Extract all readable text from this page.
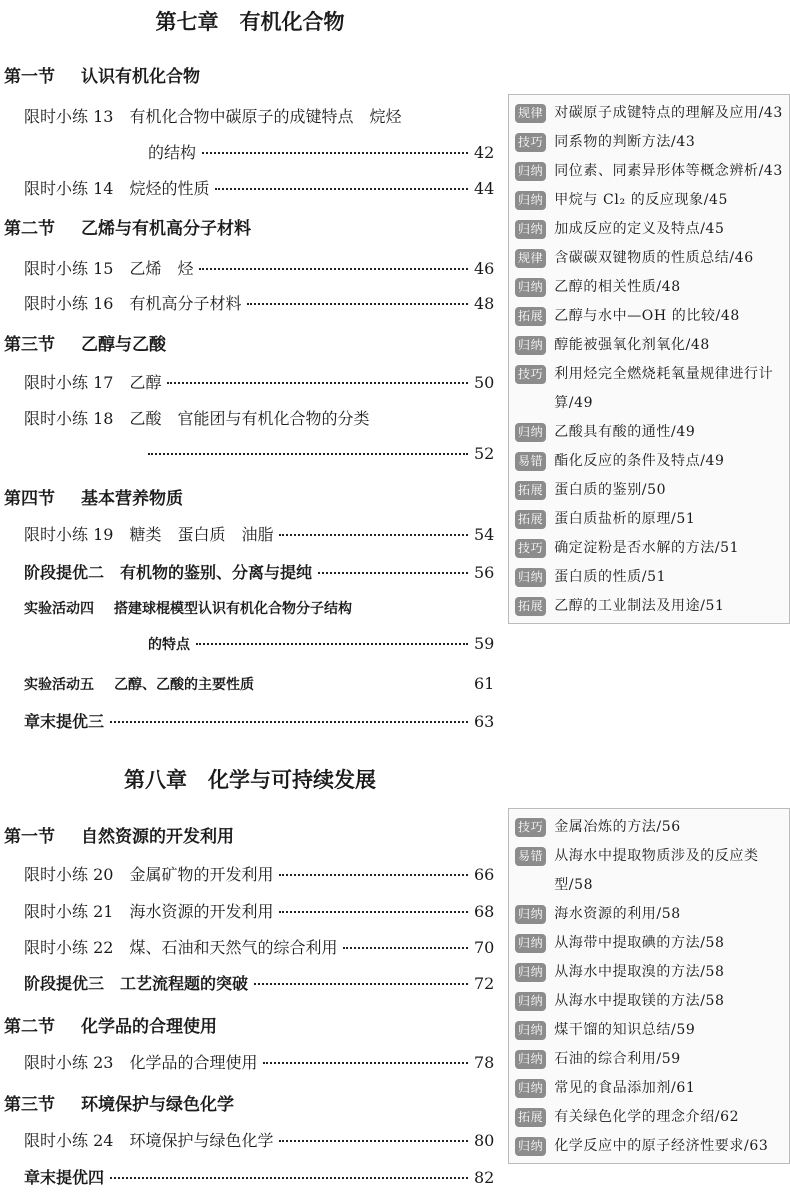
第七章　有机化合物
第一节 认识有机化合物
限时小练 13 有机化合物中碳原子的成键特点　烷烃
的结构	42
限时小练 14 烷烃的性质	44
第二节 乙烯与有机高分子材料
限时小练 15 乙烯　烃	46
限时小练 16 有机高分子材料	48
第三节 乙醇与乙酸
限时小练 17 乙醇	50
限时小练 18 乙酸　官能团与有机化合物的分类
52
第四节 基本营养物质
限时小练 19 糖类　蛋白质　油脂	54
阶段提优二 有机物的鉴别、分离与提纯	56
实验活动四 搭建球棍模型认识有机化合物分子结构
的特点	59
实验活动五 乙醇、乙酸的主要性质	61
章末提优三	63
规律 对碳原子成键特点的理解及应用/43
技巧 同系物的判断方法/43
归纳 同位素、同素异形体等概念辨析/43
归纳 甲烷与 Cl₂ 的反应现象/45
归纳 加成反应的定义及特点/45
规律 含碳碳双键物质的性质总结/46
归纳 乙醇的相关性质/48
拓展 乙醇与水中—OH 的比较/48
归纳 醇能被强氧化剂氧化/48
技巧 利用烃完全燃烧耗氧量规律进行计算/49
归纳 乙酸具有酸的通性/49
易错 酯化反应的条件及特点/49
拓展 蛋白质的鉴别/50
拓展 蛋白质盐析的原理/51
技巧 确定淀粉是否水解的方法/51
归纳 蛋白质的性质/51
拓展 乙醇的工业制法及用途/51
第八章　化学与可持续发展
第一节 自然资源的开发利用
限时小练 20 金属矿物的开发利用	66
限时小练 21 海水资源的开发利用	68
限时小练 22 煤、石油和天然气的综合利用	70
阶段提优三 工艺流程题的突破	72
第二节 化学品的合理使用
限时小练 23 化学品的合理使用	78
第三节 环境保护与绿色化学
限时小练 24 环境保护与绿色化学	80
章末提优四	82
技巧 金属冶炼的方法/56
易错 从海水中提取物质涉及的反应类型/58
归纳 海水资源的利用/58
归纳 从海带中提取碘的方法/58
归纳 从海水中提取溴的方法/58
归纳 从海水中提取镁的方法/58
归纳 煤干馏的知识总结/59
归纳 石油的综合利用/59
归纳 常见的食品添加剂/61
拓展 有关绿色化学的理念介绍/62
归纳 化学反应中的原子经济性要求/63
